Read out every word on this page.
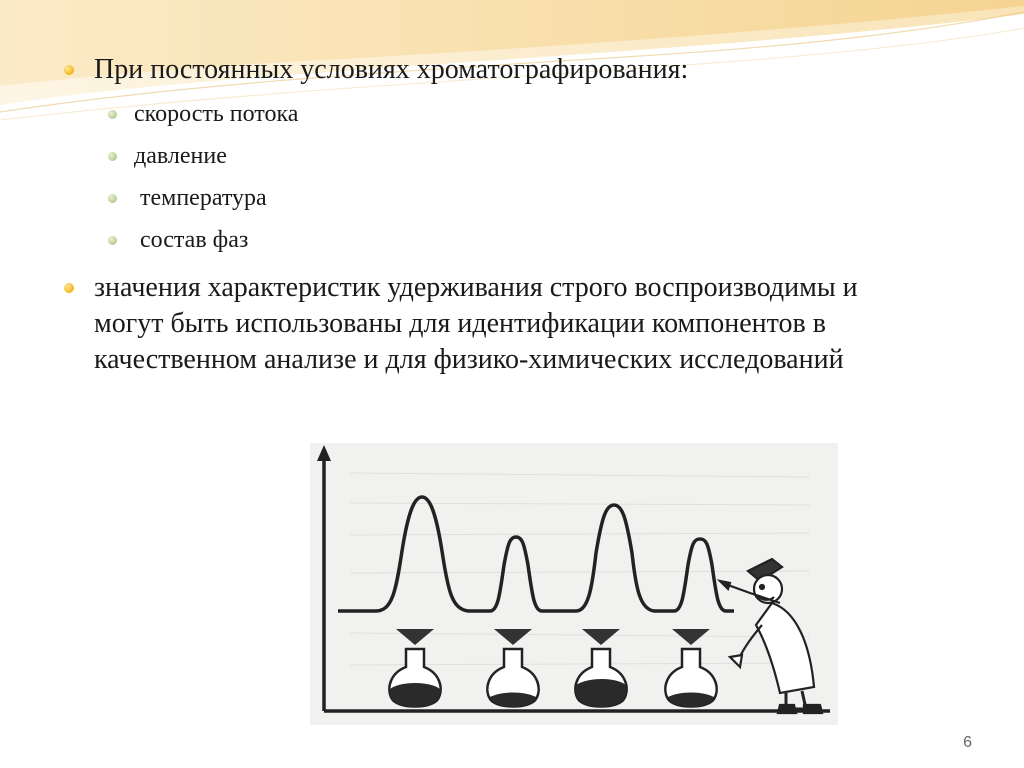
При постоянных условиях хроматографирования:
скорость потока
давление
температура
состав фаз
значения характеристик удерживания строго воспроизводимы и могут быть использованы для идентификации компонентов в качественном анализе и для физико-химических исследований
6
